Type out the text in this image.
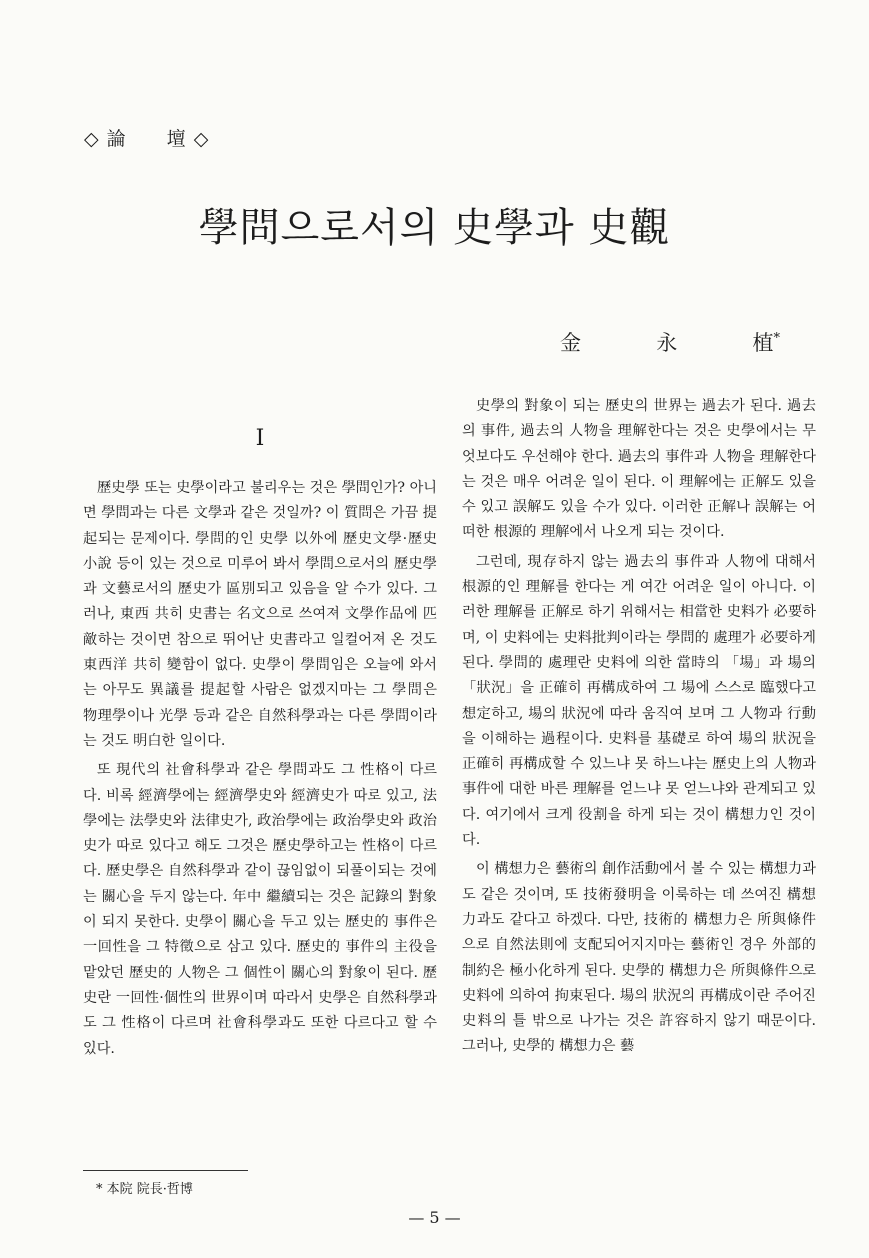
◇ 論　　壇 ◇
學問으로서의 史學과 史觀
金	永	植*
I

歷史學 또는 史學이라고 불리우는 것은 學問인가? 아니면 學問과는 다른 文學과 같은 것일까? 이 質問은 가끔 提起되는 문제이다. 學問的인 史學 以外에 歷史文學·歷史小說 등이 있는 것으로 미루어 봐서 學問으로서의 歷史學과 文藝로서의 歷史가 區別되고 있음을 알 수가 있다. 그러나, 東西 共히 史書는 名文으로 쓰여져 文學作品에 匹敵하는 것이면 참으로 뛰어난 史書라고 일컬어져 온 것도 東西洋 共히 變함이 없다. 史學이 學問임은 오늘에 와서는 아무도 異議를 提起할 사람은 없겠지마는 그 學問은 物理學이나 光學 등과 같은 自然科學과는 다른 學問이라는 것도 明白한 일이다.

또 現代의 社會科學과 같은 學問과도 그 性格이 다르다. 비록 經濟學에는 經濟學史와 經濟史가 따로 있고, 法學에는 法學史와 法律史가, 政治學에는 政治學史와 政治史가 따로 있다고 해도 그것은 歷史學하고는 性格이 다르다. 歷史學은 自然科學과 같이 끊임없이 되풀이되는 것에는 關心을 두지 않는다. 年中 繼續되는 것은 記錄의 對象이 되지 못한다. 史學이 關心을 두고 있는 歷史的 事件은 一回性을 그 特徵으로 삼고 있다. 歷史的 事件의 主役을 맡았던 歷史的 人物은 그 個性이 關心의 對象이 된다. 歷史란 一回性·個性의 世界이며 따라서 史學은 自然科學과도 그 性格이 다르며 社會科學과도 또한 다르다고 할 수 있다.

史學의 對象이 되는 歷史의 世界는 過去가 된다. 過去의 事件, 過去의 人物을 理解한다는 것은 史學에서는 무엇보다도 우선해야 한다. 過去의 事件과 人物을 理解한다는 것은 매우 어려운 일이 된다. 이 理解에는 正解도 있을 수 있고 誤解도 있을 수가 있다. 이러한 正解나 誤解는 어떠한 根源的 理解에서 나오게 되는 것이다.

그런데, 現存하지 않는 過去의 事件과 人物에 대해서 根源的인 理解를 한다는 게 여간 어려운 일이 아니다. 이러한 理解를 正解로 하기 위해서는 相當한 史料가 必要하며, 이 史料에는 史料批判이라는 學問的 處理가 必要하게 된다. 學問的 處理란 史料에 의한 當時의 「場」과 場의 「狀況」을 正確히 再構成하여 그 場에 스스로 臨했다고 想定하고, 場의 狀況에 따라 움직여 보며 그 人物과 行動을 이해하는 過程이다. 史料를 基礎로 하여 場의 狀況을 正確히 再構成할 수 있느냐 못 하느냐는 歷史上의 人物과 事件에 대한 바른 理解를 얻느냐 못 얻느냐와 관계되고 있다. 여기에서 크게 役割을 하게 되는 것이 構想力인 것이다.

이 構想力은 藝術의 創作活動에서 볼 수 있는 構想力과도 같은 것이며, 또 技術發明을 이룩하는 데 쓰여진 構想力과도 같다고 하겠다. 다만, 技術的 構想力은 所與條件으로 自然法則에 支配되어지지마는 藝術인 경우 外部的 制約은 極小化하게 된다. 史學的 構想力은 所與條件으로 史料에 의하여 拘束된다. 場의 狀況의 再構成이란 주어진 史料의 틀 밖으로 나가는 것은 許容하지 않기 때문이다. 그러나, 史學的 構想力은 藝

* 本院 院長·哲博
— 5 —
